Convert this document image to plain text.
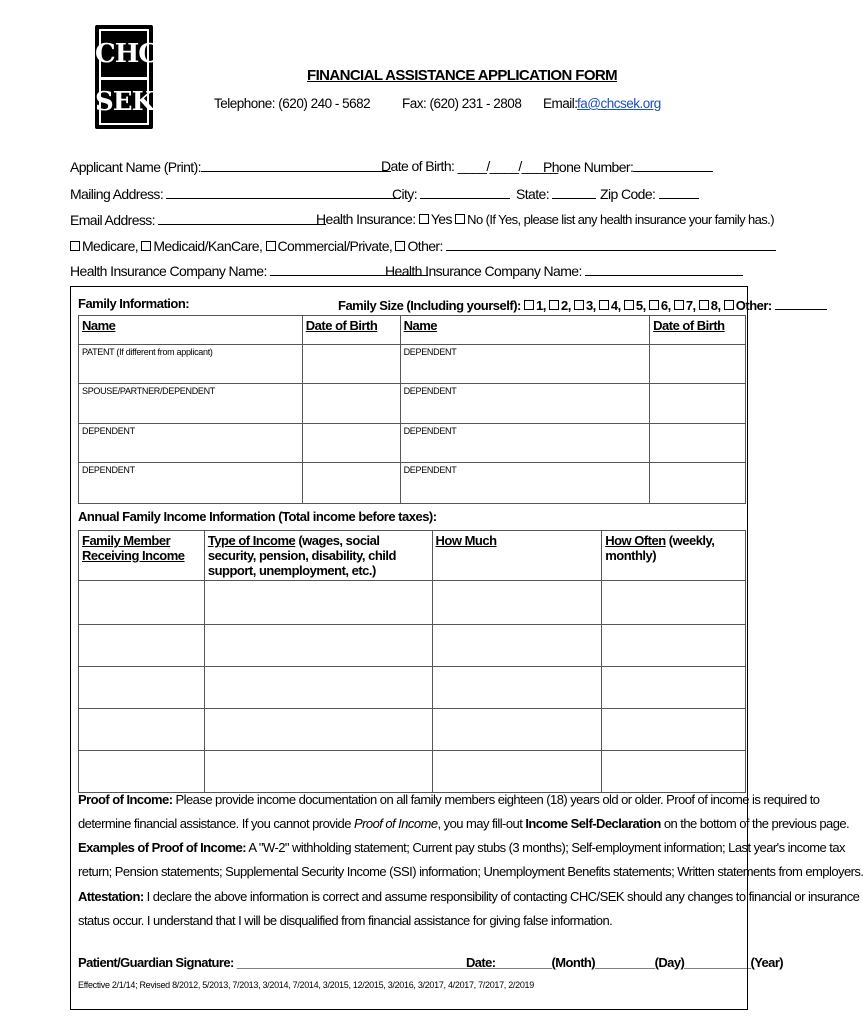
CHC
SEK
FINANCIAL ASSISTANCE APPLICATION FORM
Telephone: (620) 240 - 5682 Fax: (620) 231 - 2808 Email: fa@chcsek.org
Applicant Name (Print):	Date of Birth: ____/____/_____
Phone Number:
Mailing Address:	City:	State:	Zip Code:
Email Address:	Health Insurance: Yes No (If Yes, please list any health insurance your family has.)
Medicare, Medicaid/KanCare, Commercial/Private, Other:
Health Insurance Company Name:	Health Insurance Company Name:
Family Information:	Family Size (Including yourself): 1, 2, 3, 4, 5, 6, 7, 8, Other:
Name	Date of Birth	Name	Date of Birth
PATENT (If different from applicant)		DEPENDENT	
SPOUSE/PARTNER/DEPENDENT		DEPENDENT	
DEPENDENT		DEPENDENT	
DEPENDENT		DEPENDENT	
Annual Family Income Information (Total income before taxes):
Family Member Receiving Income	Type of Income (wages, social security, pension, disability, child support, unemployment, etc.)	How Much	How Often (weekly, monthly)

Proof of Income: Please provide income documentation on all family members eighteen (18) years old or older. Proof of income is required to
determine financial assistance. If you cannot provide Proof of Income, you may fill-out Income Self-Declaration on the bottom of the previous page.
Examples of Proof of Income: A "W-2" withholding statement; Current pay stubs (3 months); Self-employment information; Last year's income tax
return; Pension statements; Supplemental Security Income (SSI) information; Unemployment Benefits statements; Written statements from employers.
Attestation: I declare the above information is correct and assume responsibility of contacting CHC/SEK should any changes to financial or insurance
status occur. I understand that I will be disqualified from financial assistance for giving false information.
Patient/Guardian Signature: _________________________________________
Date: ________(Month)_________(Day)__________(Year)
Effective 2/1/14; Revised 8/2012, 5/2013, 7/2013, 3/2014, 7/2014, 3/2015, 12/2015, 3/2016, 3/2017, 4/2017, 7/2017, 2/2019
